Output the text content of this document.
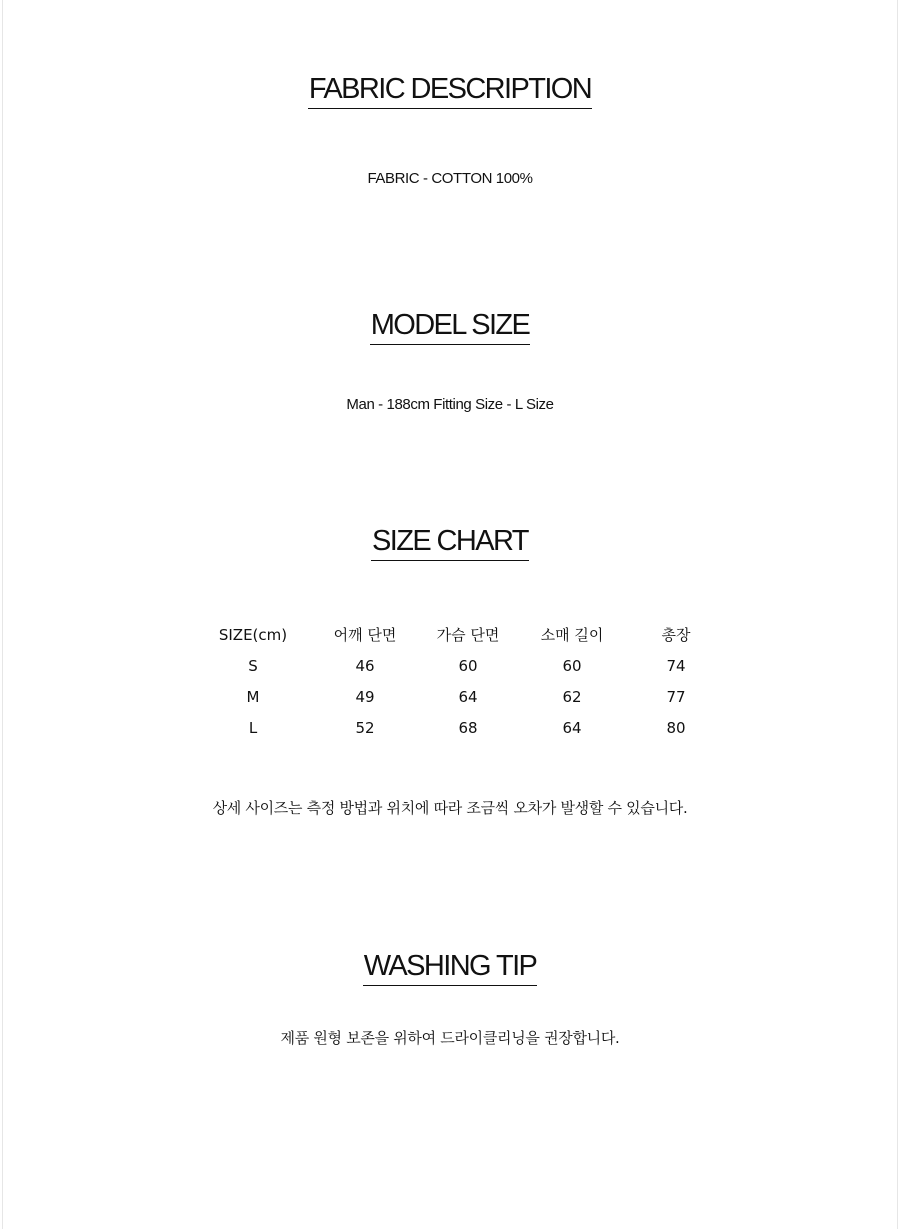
FABRIC DESCRIPTION
FABRIC - COTTON 100%
MODEL SIZE
Man - 188cm Fitting Size - L Size
SIZE CHART
SIZE(cm)	어깨 단면	가슴 단면	소매 길이	총장
S	46	60	60	74
M	49	64	62	77
L	52	68	64	80
상세 사이즈는 측정 방법과 위치에 따라 조금씩 오차가 발생할 수 있습니다.
WASHING TIP
제품 원형 보존을 위하여 드라이클리닝을 권장합니다.
